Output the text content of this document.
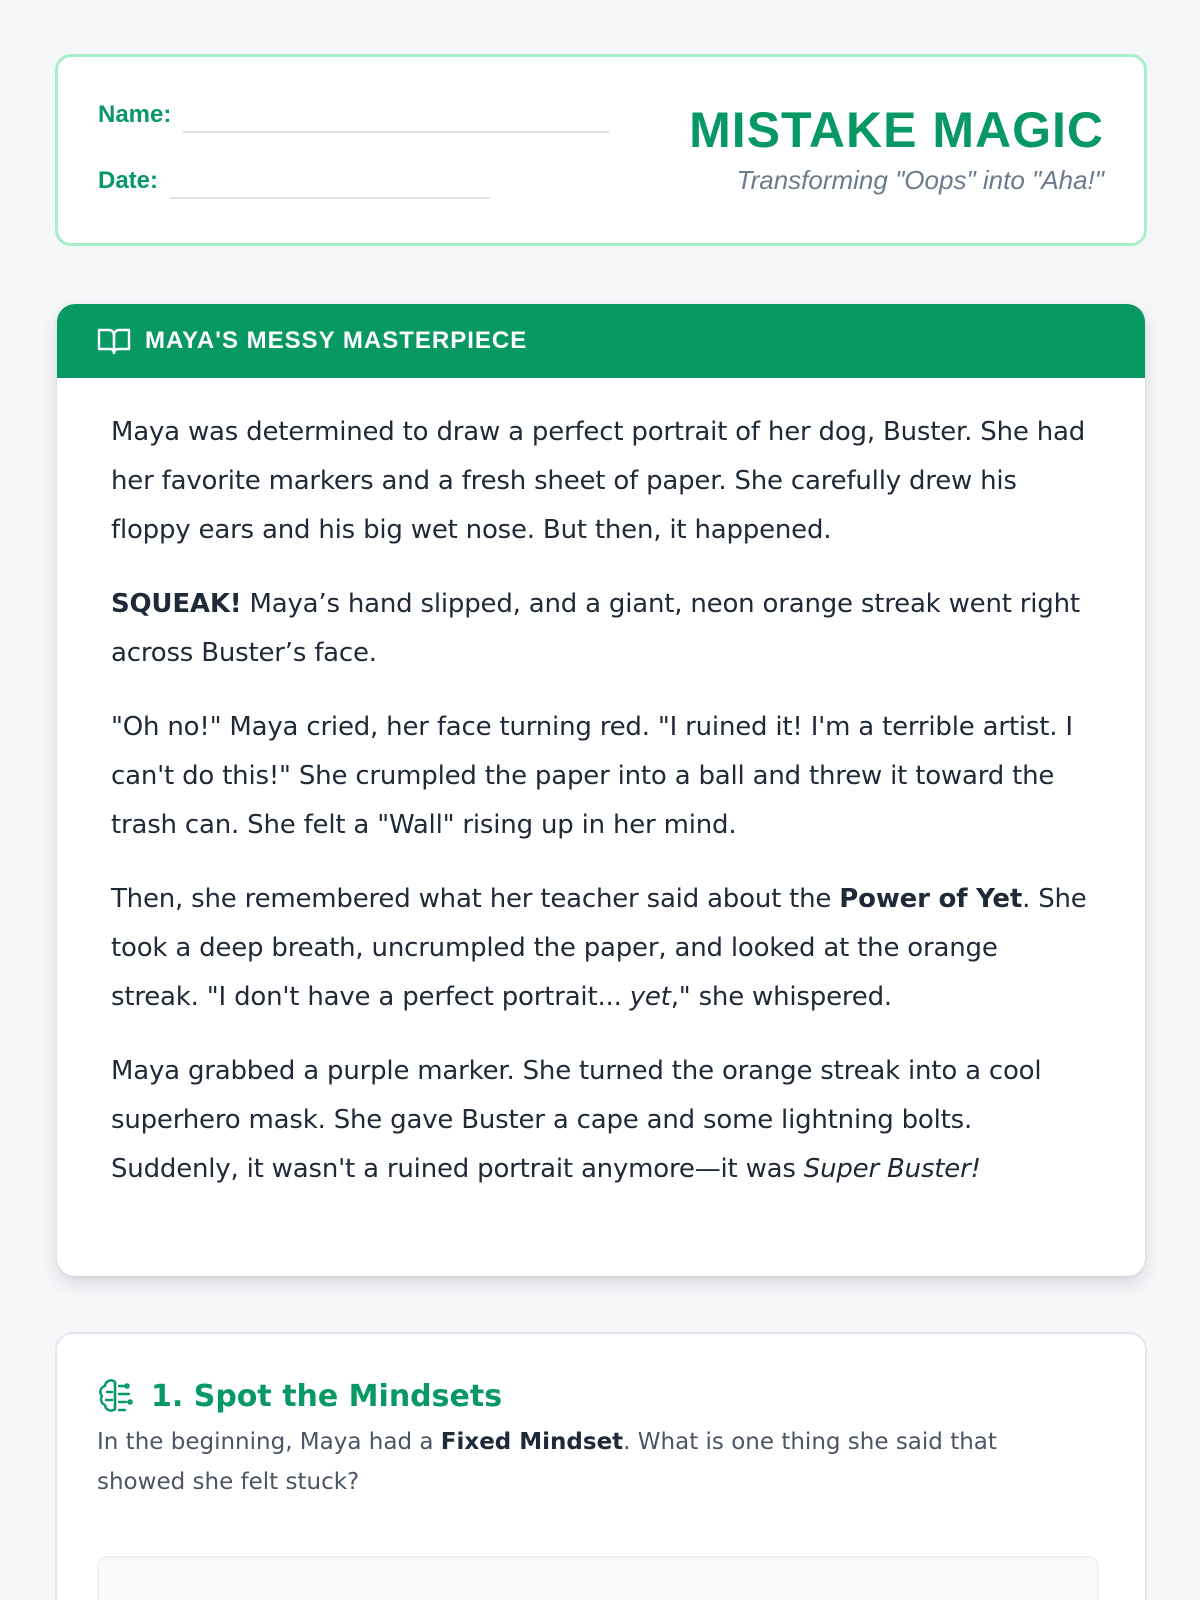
Name:
Date:
MISTAKE MAGIC
Transforming "Oops" into "Aha!"
MAYA'S MESSY MASTERPIECE

Maya was determined to draw a perfect portrait of her dog, Buster. She had her favorite markers and a fresh sheet of paper. She carefully drew his floppy ears and his big wet nose. But then, it happened.

SQUEAK! Maya’s hand slipped, and a giant, neon orange streak went right across Buster’s face.

"Oh no!" Maya cried, her face turning red. "I ruined it! I'm a terrible artist. I can't do this!" She crumpled the paper into a ball and threw it toward the trash can. She felt a "Wall" rising up in her mind.

Then, she remembered what her teacher said about the Power of Yet. She took a deep breath, uncrumpled the paper, and looked at the orange streak. "I don't have a perfect portrait... yet," she whispered.

Maya grabbed a purple marker. She turned the orange streak into a cool superhero mask. She gave Buster a cape and some lightning bolts. Suddenly, it wasn't a ruined portrait anymore—it was Super Buster!

1. Spot the Mindsets
In the beginning, Maya had a Fixed Mindset. What is one thing she said that showed she felt stuck?
